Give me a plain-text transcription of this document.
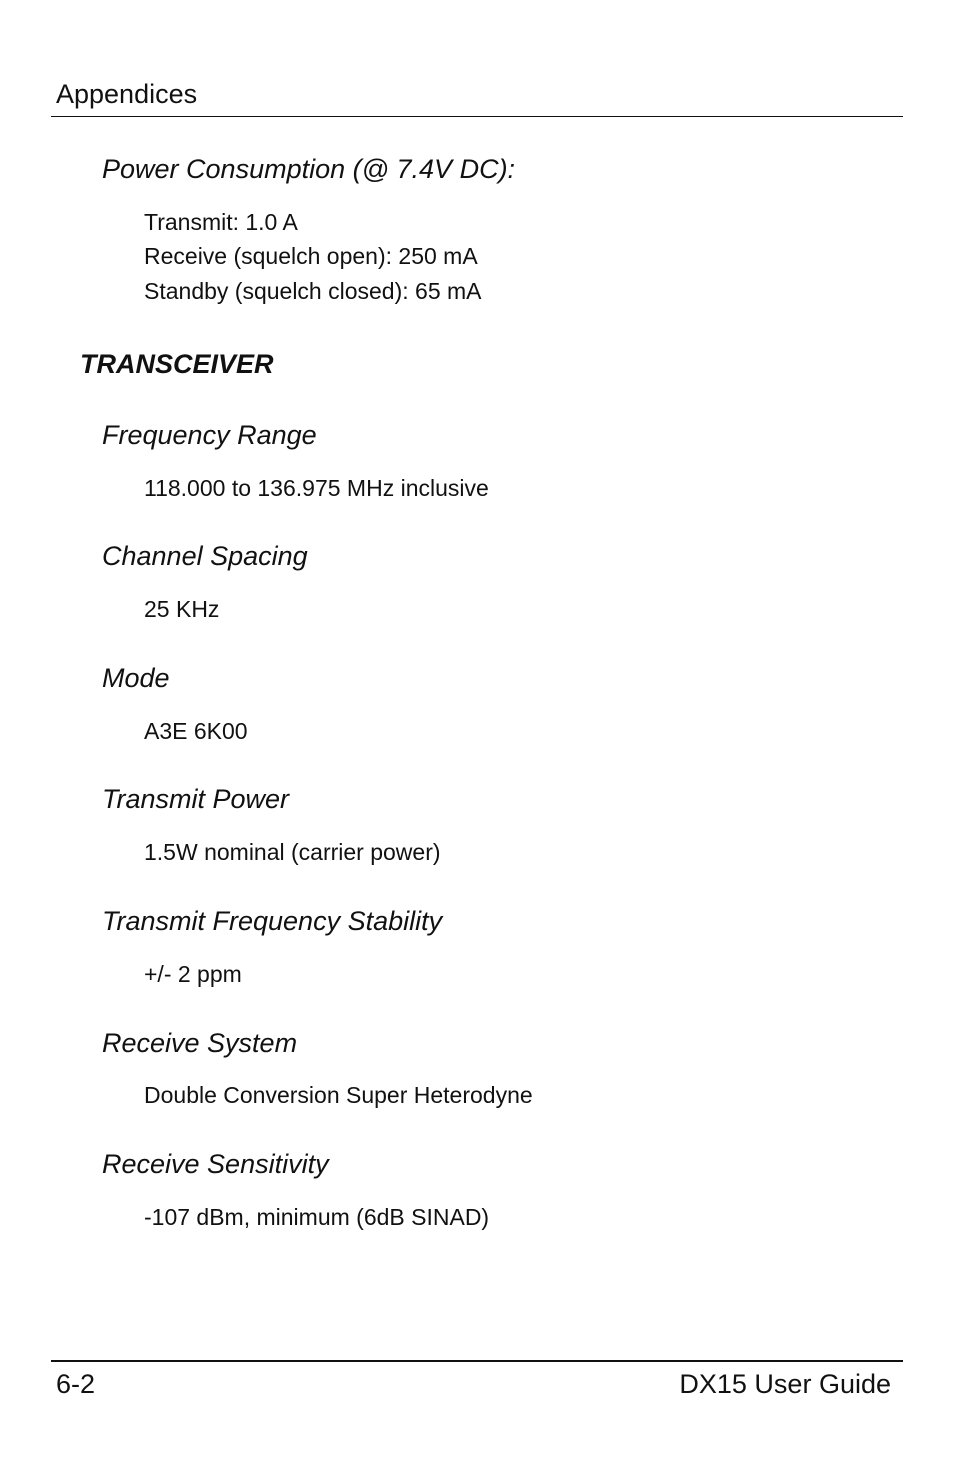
Appendices
Power Consumption (@ 7.4V DC):
Transmit: 1.0 A
Receive (squelch open): 250 mA
Standby (squelch closed): 65 mA
TRANSCEIVER
Frequency Range
118.000 to 136.975 MHz inclusive
Channel Spacing
25 KHz
Mode
A3E 6K00
Transmit Power
1.5W nominal (carrier power)
Transmit Frequency Stability
+/- 2 ppm
Receive System
Double Conversion Super Heterodyne
Receive Sensitivity
-107 dBm, minimum (6dB SINAD)
6-2	DX15 User Guide
